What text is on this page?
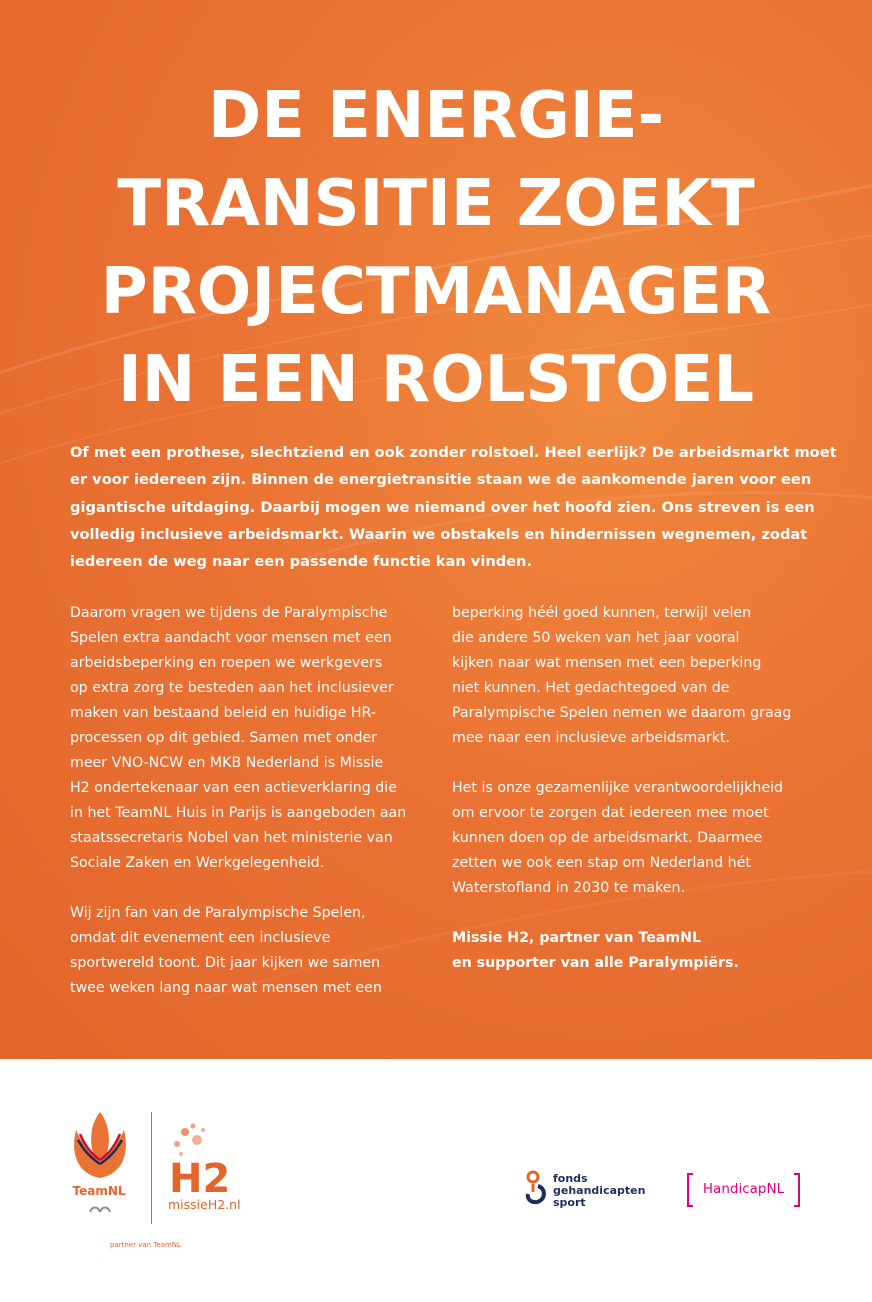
DE ENERGIE-
TRANSITIE ZOEKT
PROJECTMANAGER
IN EEN ROLSTOEL
Of met een prothese, slechtziend en ook zonder rolstoel. Heel eerlijk? De arbeidsmarkt moet
er voor iedereen zijn. Binnen de energietransitie staan we de aankomende jaren voor een
gigantische uitdaging. Daarbij mogen we niemand over het hoofd zien. Ons streven is een
volledig inclusieve arbeidsmarkt. Waarin we obstakels en hindernissen wegnemen, zodat
iedereen de weg naar een passende functie kan vinden.
Daarom vragen we tijdens de Paralympische
Spelen extra aandacht voor mensen met een
arbeidsbeperking en roepen we werkgevers
op extra zorg te besteden aan het inclusiever
maken van bestaand beleid en huidige HR-
processen op dit gebied. Samen met onder
meer VNO-NCW en MKB Nederland is Missie
H2 ondertekenaar van een actieverklaring die
in het TeamNL Huis in Parijs is aangeboden aan
staatssecretaris Nobel van het ministerie van
Sociale Zaken en Werkgelegenheid.
Wij zijn fan van de Paralympische Spelen,
omdat dit evenement een inclusieve
sportwereld toont. Dit jaar kijken we samen
twee weken lang naar wat mensen met een
beperking héél goed kunnen, terwijl velen
die andere 50 weken van het jaar vooral
kijken naar wat mensen met een beperking
niet kunnen. Het gedachtegoed van de
Paralympische Spelen nemen we daarom graag
mee naar een inclusieve arbeidsmarkt.
Het is onze gezamenlijke verantwoordelijkheid
om ervoor te zorgen dat iedereen mee moet
kunnen doen op de arbeidsmarkt. Daarmee
zetten we ook een stap om Nederland hét
Waterstofland in 2030 te maken.
Missie H2, partner van TeamNL
en supporter van alle Paralympiërs.
TeamNL H2
missieH2.nl
partner van TeamNL
fonds
gehandicapten
sport
HandicapNL
